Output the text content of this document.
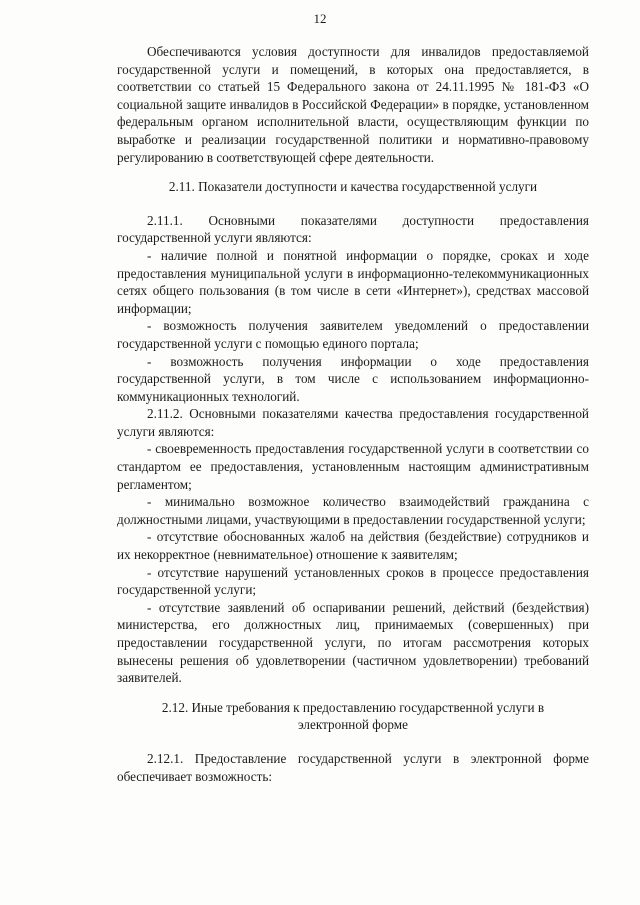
12

Обеспечиваются условия доступности для инвалидов предоставляемой государственной услуги и помещений, в которых она предоставляется, в соответствии со статьей 15 Федерального закона от 24.11.1995 № 181-ФЗ «О социальной защите инвалидов в Российской Федерации» в порядке, установленном федеральным органом исполнительной власти, осуществляющим функции по выработке и реализации государственной политики и нормативно-правовому регулированию в соответствующей сфере деятельности.

2.11. Показатели доступности и качества государственной услуги

2.11.1. Основными показателями доступности предоставления государственной услуги являются:

- наличие полной и понятной информации о порядке, сроках и ходе предоставления муниципальной услуги в информационно-телекоммуникационных сетях общего пользования (в том числе в сети «Интернет»), средствах массовой информации;

- возможность получения заявителем уведомлений о предоставлении государственной услуги с помощью единого портала;

- возможность получения информации о ходе предоставления государственной услуги, в том числе с использованием информационно-коммуникационных технологий.

2.11.2. Основными показателями качества предоставления государственной услуги являются:

- своевременность предоставления государственной услуги в соответствии со стандартом ее предоставления, установленным настоящим административным регламентом;

- минимально возможное количество взаимодействий гражданина с должностными лицами, участвующими в предоставлении государственной услуги;

- отсутствие обоснованных жалоб на действия (бездействие) сотрудников и их некорректное (невнимательное) отношение к заявителям;

- отсутствие нарушений установленных сроков в процессе предоставления государственной услуги;

- отсутствие заявлений об оспаривании решений, действий (бездействия) министерства, его должностных лиц, принимаемых (совершенных) при предоставлении государственной услуги, по итогам рассмотрения которых вынесены решения об удовлетворении (частичном удовлетворении) требований заявителей.

2.12. Иные требования к предоставлению государственной услуги в электронной форме

2.12.1. Предоставление государственной услуги в электронной форме обеспечивает возможность:
